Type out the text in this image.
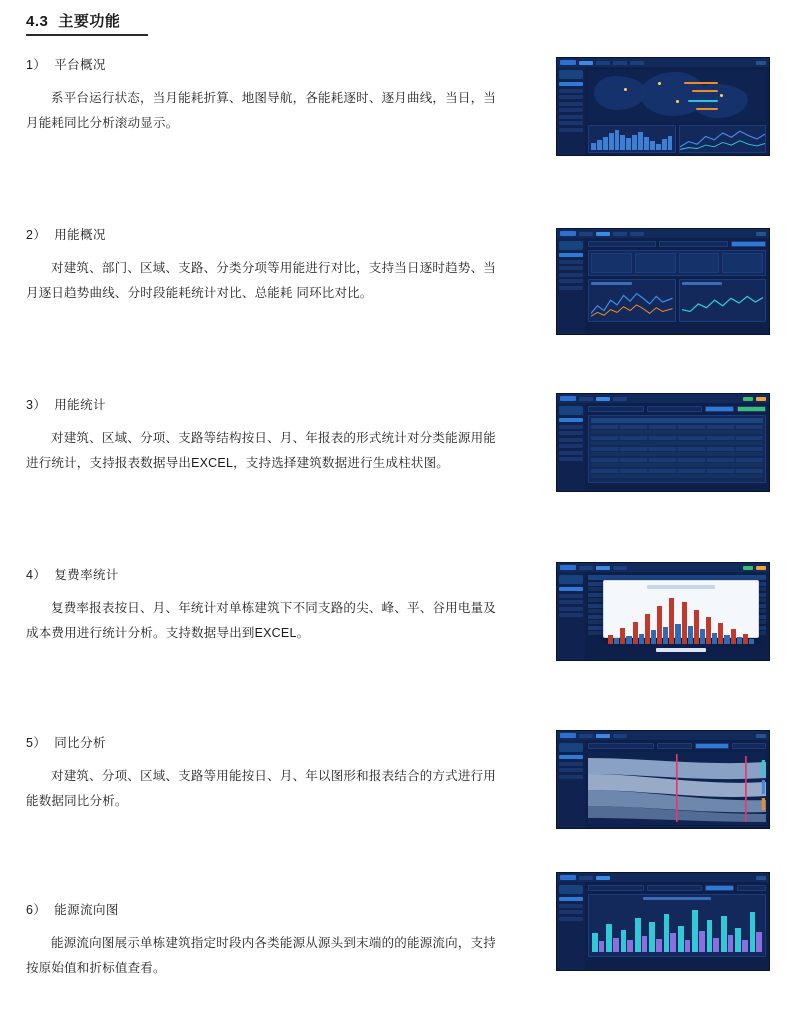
4.3 主要功能

1） 平台概况

系平台运行状态，当月能耗折算、地图导航，各能耗逐时、逐月曲线，当日，当月能耗同比分析滚动显示。

2） 用能概况

对建筑、部门、区域、支路、分类分项等用能进行对比，支持当日逐时趋势、当月逐日趋势曲线、分时段能耗统计对比、总能耗 同环比对比。

3） 用能统计

对建筑、区域、分项、支路等结构按日、月、年报表的形式统计对分类能源用能进行统计，支持报表数据导出EXCEL，支持选择建筑数据进行生成柱状图。

4） 复费率统计

复费率报表按日、月、年统计对单栋建筑下不同支路的尖、峰、平、谷用电量及成本费用进行统计分析。支持数据导出到EXCEL。

5） 同比分析

对建筑、分项、区域、支路等用能按日、月、年以图形和报表结合的方式进行用能数据同比分析。

6） 能源流向图

能源流向图展示单栋建筑指定时段内各类能源从源头到末端的的能源流向，支持按原始值和折标值查看。
